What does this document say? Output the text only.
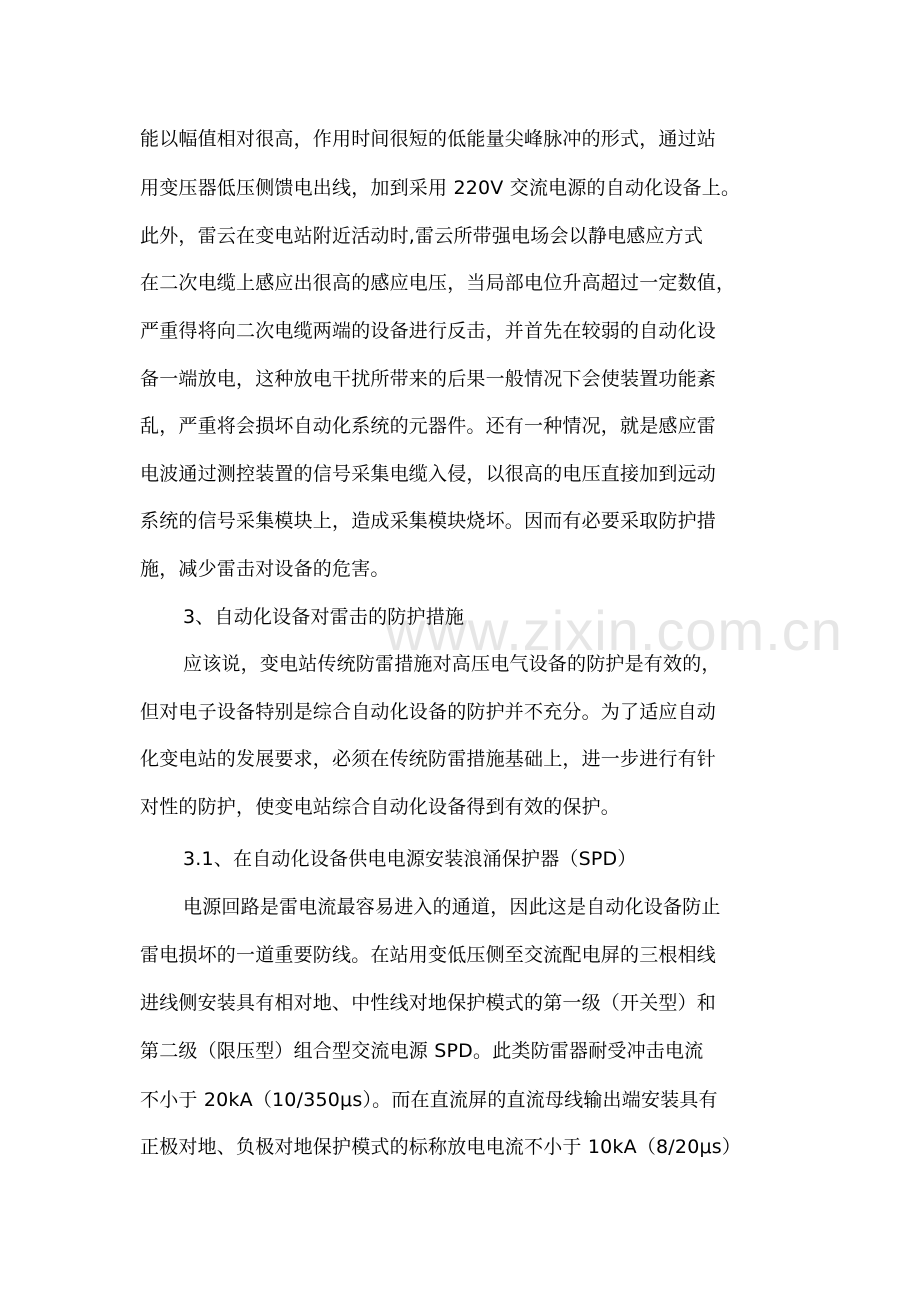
www.zixin.com.cn
能以幅值相对很高，作用时间很短的低能量尖峰脉冲的形式，通过站
用变压器低压侧馈电出线，加到采用 220V 交流电源的自动化设备上。
此外，雷云在变电站附近活动时,雷云所带强电场会以静电感应方式
在二次电缆上感应出很高的感应电压，当局部电位升高超过一定数值，
严重得将向二次电缆两端的设备进行反击，并首先在较弱的自动化设
备一端放电，这种放电干扰所带来的后果一般情况下会使装置功能紊
乱，严重将会损坏自动化系统的元器件。还有一种情况，就是感应雷
电波通过测控装置的信号采集电缆入侵，以很高的电压直接加到远动
系统的信号采集模块上，造成采集模块烧坏。因而有必要采取防护措
施，减少雷击对设备的危害。
3、自动化设备对雷击的防护措施
应该说，变电站传统防雷措施对高压电气设备的防护是有效的，
但对电子设备特别是综合自动化设备的防护并不充分。为了适应自动
化变电站的发展要求，必须在传统防雷措施基础上，进一步进行有针
对性的防护，使变电站综合自动化设备得到有效的保护。
3.1、在自动化设备供电电源安装浪涌保护器（SPD）
电源回路是雷电流最容易进入的通道，因此这是自动化设备防止
雷电损坏的一道重要防线。在站用变低压侧至交流配电屏的三根相线
进线侧安装具有相对地、中性线对地保护模式的第一级（开关型）和
第二级（限压型）组合型交流电源 SPD。此类防雷器耐受冲击电流
不小于 20kA（10/350μs）。而在直流屏的直流母线输出端安装具有
正极对地、负极对地保护模式的标称放电电流不小于 10kA（8/20μs）
